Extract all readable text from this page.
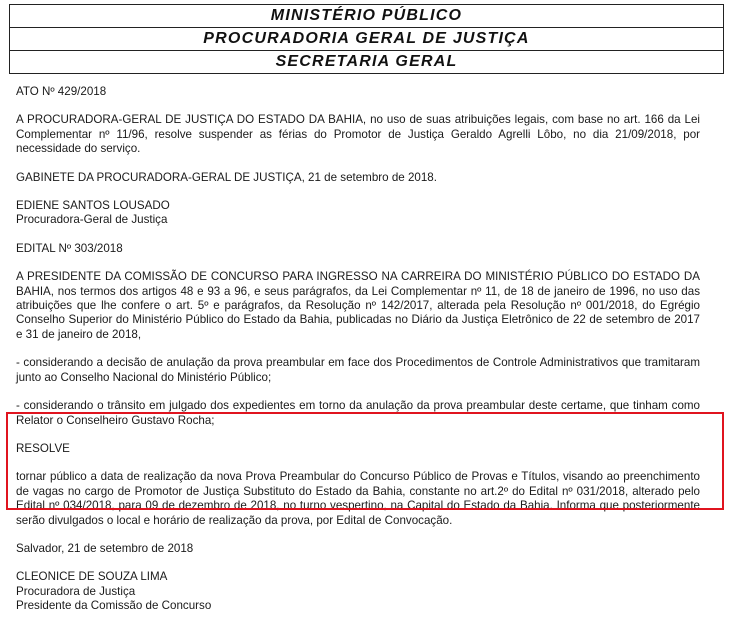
MINISTÉRIO PÚBLICO
PROCURADORIA GERAL DE JUSTIÇA
SECRETARIA GERAL
ATO Nº 429/2018
A PROCURADORA-GERAL DE JUSTIÇA DO ESTADO DA BAHIA, no uso de suas atribuições legais, com base no art. 166 da Lei Complementar nº 11/96, resolve suspender as férias do Promotor de Justiça Geraldo Agrelli Lôbo, no dia 21/09/2018, por necessidade do serviço.
GABINETE DA PROCURADORA-GERAL DE JUSTIÇA, 21 de setembro de 2018.
EDIENE SANTOS LOUSADO
Procuradora-Geral de Justiça
EDITAL Nº 303/2018
A PRESIDENTE DA COMISSÃO DE CONCURSO PARA INGRESSO NA CARREIRA DO MINISTÉRIO PÚBLICO DO ESTADO DA BAHIA, nos termos dos artigos 48 e 93 a 96, e seus parágrafos, da Lei Complementar nº 11, de 18 de janeiro de 1996, no uso das atribuições que lhe confere o art. 5º e parágrafos, da Resolução nº 142/2017, alterada pela Resolução nº 001/2018, do Egrégio Conselho Superior do Ministério Público do Estado da Bahia, publicadas no Diário da Justiça Eletrônico de 22 de setembro de 2017 e 31 de janeiro de 2018,
- considerando a decisão de anulação da prova preambular em face dos Procedimentos de Controle Administrativos que tramitaram junto ao Conselho Nacional do Ministério Público;
- considerando o trânsito em julgado dos expedientes em torno da anulação da prova preambular deste certame, que tinham como Relator o Conselheiro Gustavo Rocha;
RESOLVE
tornar público a data de realização da nova Prova Preambular do Concurso Público de Provas e Títulos, visando ao preenchimento de vagas no cargo de Promotor de Justiça Substituto do Estado da Bahia, constante no art.2º do Edital nº 031/2018, alterado pelo Edital nº 034/2018, para 09 de dezembro de 2018, no turno vespertino, na Capital do Estado da Bahia. Informa que posteriormente serão divulgados o local e horário de realização da prova, por Edital de Convocação.
Salvador, 21 de setembro de 2018
CLEONICE DE SOUZA LIMA
Procuradora de Justiça
Presidente da Comissão de Concurso
